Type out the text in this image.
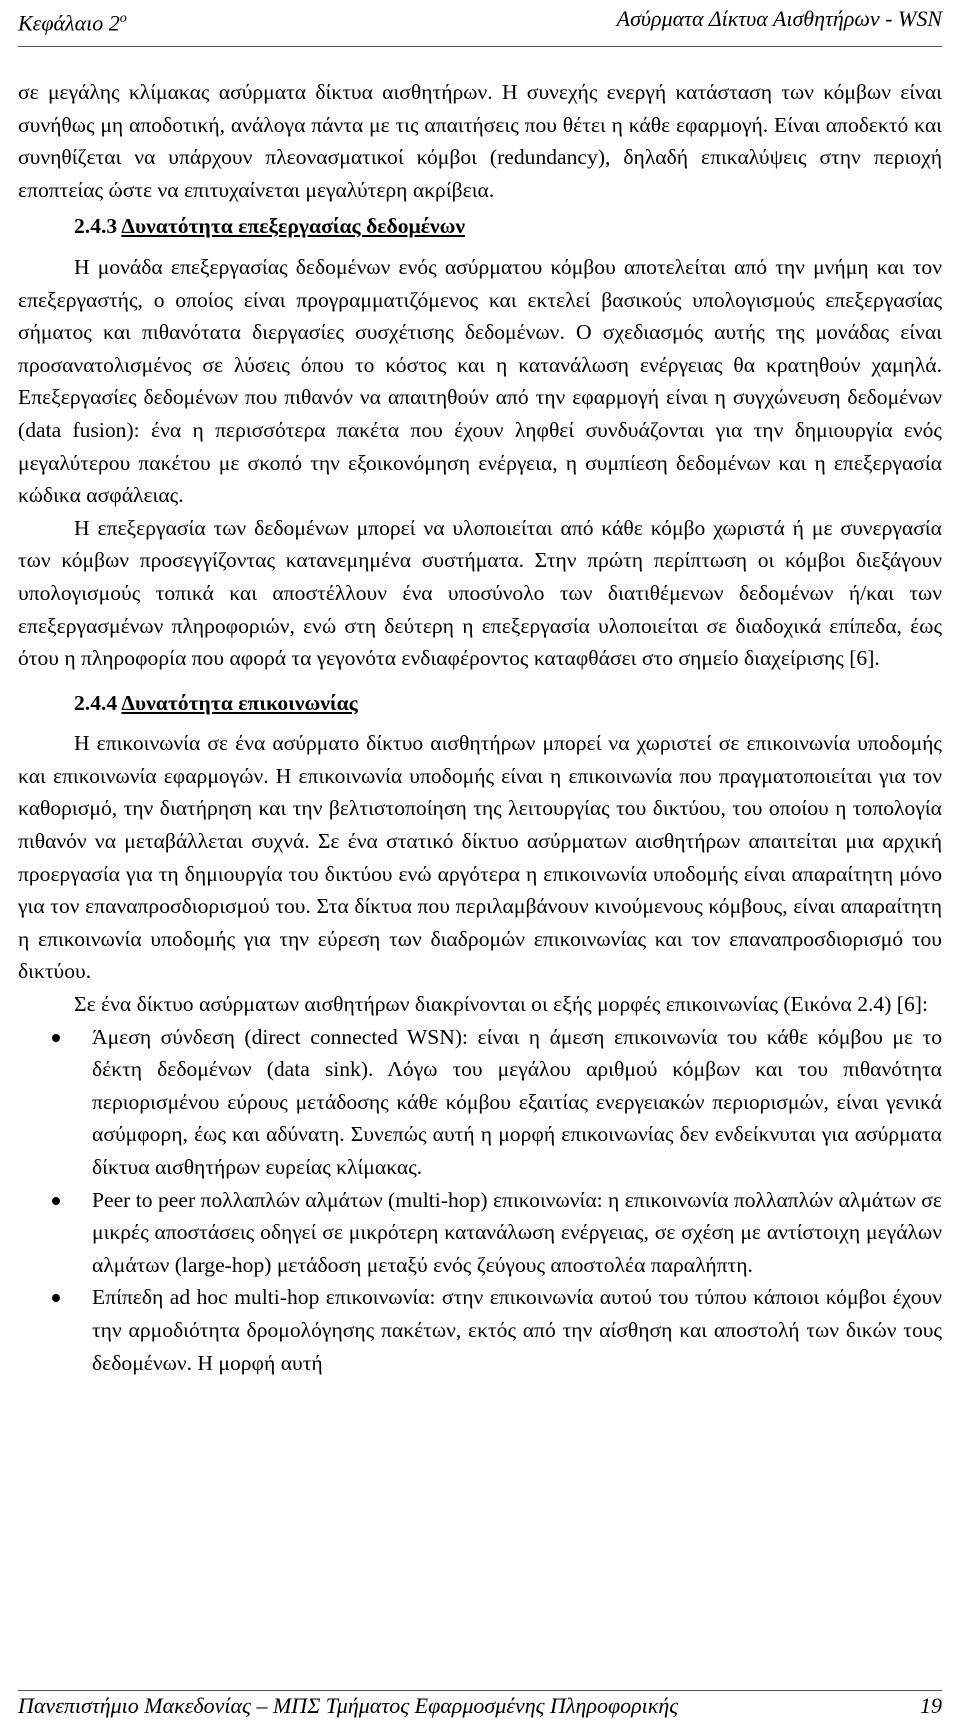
Κεφάλαιο $2^o$	Ασύρματα Δίκτυα Αισθητήρων - WSN

σε μεγάλης κλίμακας ασύρματα δίκτυα αισθητήρων. Η συνεχής ενεργή κατάσταση των κόμβων είναι συνήθως μη αποδοτική, ανάλογα πάντα με τις απαιτήσεις που θέτει η κάθε εφαρμογή. Είναι αποδεκτό και συνηθίζεται να υπάρχουν πλεονασματικοί κόμβοι (redundancy), δηλαδή επικαλύψεις στην περιοχή εποπτείας ώστε να επιτυχαίνεται μεγαλύτερη ακρίβεια.

2.4.3 Δυνατότητα επεξεργασίας δεδομένων

Η μονάδα επεξεργασίας δεδομένων ενός ασύρματου κόμβου αποτελείται από την μνήμη και τον επεξεργαστής, ο οποίος είναι προγραμματιζόμενος και εκτελεί βασικούς υπολογισμούς επεξεργασίας σήματος και πιθανότατα διεργασίες συσχέτισης δεδομένων. Ο σχεδιασμός αυτής της μονάδας είναι προσανατολισμένος σε λύσεις όπου το κόστος και η κατανάλωση ενέργειας θα κρατηθούν χαμηλά. Επεξεργασίες δεδομένων που πιθανόν να απαιτηθούν από την εφαρμογή είναι η συγχώνευση δεδομένων (data fusion): ένα η περισσότερα πακέτα που έχουν ληφθεί συνδυάζονται για την δημιουργία ενός μεγαλύτερου πακέτου με σκοπό την εξοικονόμηση ενέργεια, η συμπίεση δεδομένων και η επεξεργασία κώδικα ασφάλειας.

Η επεξεργασία των δεδομένων μπορεί να υλοποιείται από κάθε κόμβο χωριστά ή με συνεργασία των κόμβων προσεγγίζοντας κατανεμημένα συστήματα. Στην πρώτη περίπτωση οι κόμβοι διεξάγουν υπολογισμούς τοπικά και αποστέλλουν ένα υποσύνολο των διατιθέμενων δεδομένων ή/και των επεξεργασμένων πληροφοριών, ενώ στη δεύτερη η επεξεργασία υλοποιείται σε διαδοχικά επίπεδα, έως ότου η πληροφορία που αφορά τα γεγονότα ενδιαφέροντος καταφθάσει στο σημείο διαχείρισης [6].

2.4.4 Δυνατότητα επικοινωνίας

Η επικοινωνία σε ένα ασύρματο δίκτυο αισθητήρων μπορεί να χωριστεί σε επικοινωνία υποδομής και επικοινωνία εφαρμογών. Η επικοινωνία υποδομής είναι η επικοινωνία που πραγματοποιείται για τον καθορισμό, την διατήρηση και την βελτιστοποίηση της λειτουργίας του δικτύου, του οποίου η τοπολογία πιθανόν να μεταβάλλεται συχνά. Σε ένα στατικό δίκτυο ασύρματων αισθητήρων απαιτείται μια αρχική προεργασία για τη δημιουργία του δικτύου ενώ αργότερα η επικοινωνία υποδομής είναι απαραίτητη μόνο για τον επαναπροσδιορισμού του. Στα δίκτυα που περιλαμβάνουν κινούμενους κόμβους, είναι απαραίτητη η επικοινωνία υποδομής για την εύρεση των διαδρομών επικοινωνίας και τον επαναπροσδιορισμό του δικτύου.

Σε ένα δίκτυο ασύρματων αισθητήρων διακρίνονται οι εξής μορφές επικοινωνίας (Εικόνα 2.4) [6]:

Άμεση σύνδεση (direct connected WSN): είναι η άμεση επικοινωνία του κάθε κόμβου με το δέκτη δεδομένων (data sink). Λόγω του μεγάλου αριθμού κόμβων και του πιθανότητα περιορισμένου εύρους μετάδοσης κάθε κόμβου εξαιτίας ενεργειακών περιορισμών, είναι γενικά ασύμφορη, έως και αδύνατη. Συνεπώς αυτή η μορφή επικοινωνίας δεν ενδείκνυται για ασύρματα δίκτυα αισθητήρων ευρείας κλίμακας.
Peer to peer πολλαπλών αλμάτων (multi-hop) επικοινωνία: η επικοινωνία πολλαπλών αλμάτων σε μικρές αποστάσεις οδηγεί σε μικρότερη κατανάλωση ενέργειας, σε σχέση με αντίστοιχη μεγάλων αλμάτων (large-hop) μετάδοση μεταξύ ενός ζεύγους αποστολέα παραλήπτη.
Επίπεδη ad hoc multi-hop επικοινωνία: στην επικοινωνία αυτού του τύπου κάποιοι κόμβοι έχουν την αρμοδιότητα δρομολόγησης πακέτων, εκτός από την αίσθηση και αποστολή των δικών τους δεδομένων. Η μορφή αυτή
Πανεπιστήμιο Μακεδονίας – ΜΠΣ Τμήματος Εφαρμοσμένης Πληροφορικής	19
